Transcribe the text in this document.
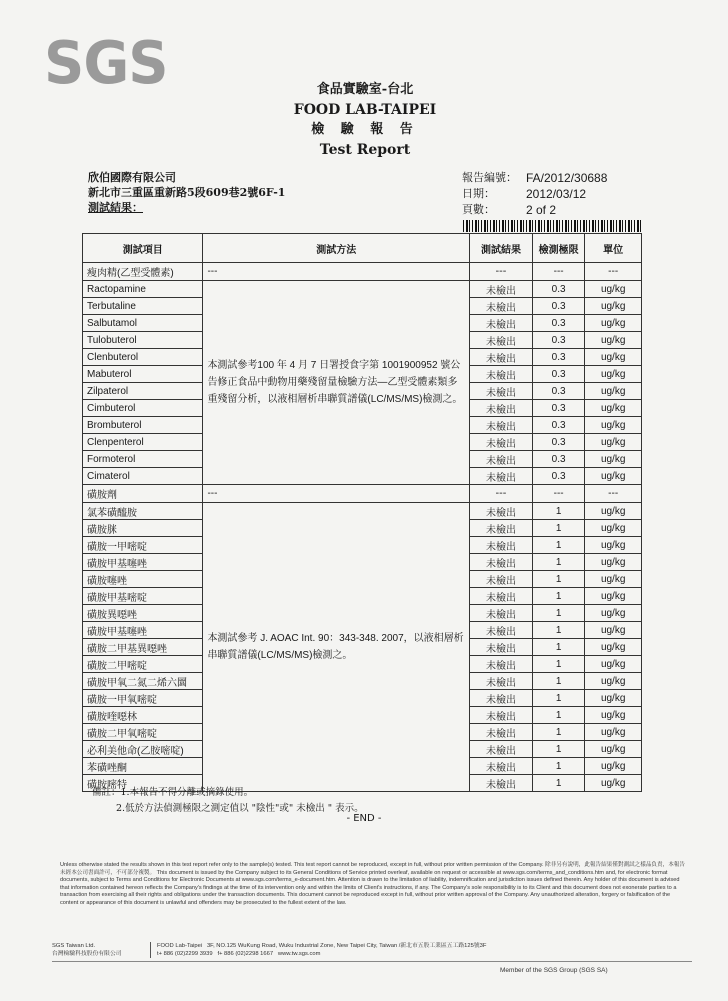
SGS	食品實驗室-台北
FOOD LAB-TAIPEI
檢 驗 報 告
Test Report
欣伯國際有限公司
新北市三重區重新路5段609巷2號6F-1
測試結果：
報告編號： FA/2012/30688
日期：	2012/03/12
頁數：	2 of 2
測試項目	測試方法	測試結果	檢測極限	單位
瘦肉精(乙型受體素)	---	---	---	---
Ractopamine	本測試參考100 年 4 月 7 日署授食字第 1001900952 號公告修正食品中動物用藥殘留量檢驗方法—乙型受體素類多重殘留分析，以液相層析串聯質譜儀(LC/MS/MS)檢測之。	未檢出	0.3	ug/kg
Terbutaline		未檢出	0.3	ug/kg
Salbutamol		未檢出	0.3	ug/kg
Tulobuterol		未檢出	0.3	ug/kg
Clenbuterol		未檢出	0.3	ug/kg
Mabuterol		未檢出	0.3	ug/kg
Zilpaterol		未檢出	0.3	ug/kg
Cimbuterol		未檢出	0.3	ug/kg
Brombuterol		未檢出	0.3	ug/kg
Clenpenterol		未檢出	0.3	ug/kg
Formoterol		未檢出	0.3	ug/kg
Cimaterol		未檢出	0.3	ug/kg
磺胺劑	---	---	---	---
氯苯磺醯胺	本測試參考 J. AOAC Int. 90：343-348. 2007，以液相層析串聯質譜儀(LC/MS/MS)檢測之。	未檢出	1	ug/kg
磺胺脒		未檢出	1	ug/kg
磺胺一甲嘧啶		未檢出	1	ug/kg
磺胺甲基噻唑		未檢出	1	ug/kg
磺胺噻唑		未檢出	1	ug/kg
磺胺甲基嘧啶		未檢出	1	ug/kg
磺胺異噁唑		未檢出	1	ug/kg
磺胺甲基噻唑		未檢出	1	ug/kg
磺胺二甲基異噁唑		未檢出	1	ug/kg
磺胺二甲嘧啶		未檢出	1	ug/kg
磺胺甲氧二氮二烯六圜		未檢出	1	ug/kg
磺胺一甲氧嘧啶		未檢出	1	ug/kg
磺胺喹噁林		未檢出	1	ug/kg
磺胺二甲氧嘧啶		未檢出	1	ug/kg
必利美他命(乙胺嘧啶)		未檢出	1	ug/kg
苯磺唑酮		未檢出	1	ug/kg
磺胺嘧特		未檢出	1	ug/kg
備註：1.本報告不得分離或摘錄使用。
2.低於方法偵測極限之測定值以 "陰性"或" 未檢出 " 表示。
- END -
Unless otherwise stated the results shown in this test report refer only to the sample(s) tested. This test report cannot be reproduced, except in full, without prior written permission of the Company. 除非另有說明，此報告結果僅對測試之樣品負責，本報告未經本公司書面許可，不可部分複製。 This document is issued by the Company subject to its General Conditions of Service printed overleaf, available on request or accessible at www.sgs.com/terms_and_conditions.htm and, for electronic format documents, subject to Terms and Conditions for Electronic Documents at www.sgs.com/terms_e-document.htm. Attention is drawn to the limitation of liability, indemnification and jurisdiction issues defined therein. Any holder of this document is advised that information contained hereon reflects the Company's findings at the time of its intervention only and within the limits of Client's instructions, if any. The Company's sole responsibility is to its Client and this document does not exonerate parties to a transaction from exercising all their rights and obligations under the transaction documents. This document cannot be reproduced except in full, without prior written approval of the Company. Any unauthorized alteration, forgery or falsification of the content or appearance of this document is unlawful and offenders may be prosecuted to the fullest extent of the law.
SGS Taiwan Ltd.
台灣檢驗科技股份有限公司
FOOD Lab-Taipei 3F, NO.125 WuKung Road, Wuku Industrial Zone, New Taipei City, Taiwan /新北市五股工業區五工路125號3F
t+ 886 (02)2299 3939 f+ 886 (02)2298 1667 www.tw.sgs.com
Member of the SGS Group (SGS SA)
